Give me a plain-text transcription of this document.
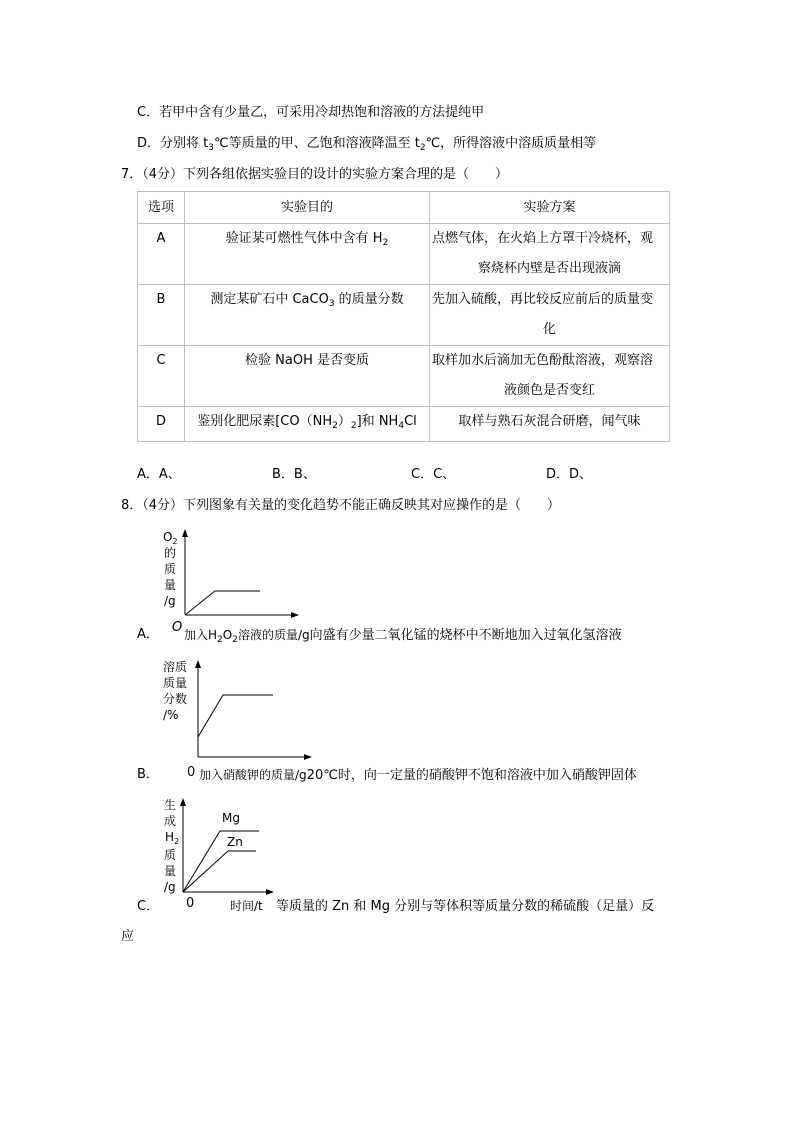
C．若甲中含有少量乙，可采用冷却热饱和溶液的方法提纯甲
D．分别将 $t_3℃$等质量的甲、乙饱和溶液降温至 $t_2℃$，所得溶液中溶质质量相等
7．（4分）下列各组依据实验目的设计的实验方案合理的是（　　）
选项	实验目的	实验方案
A	验证某可燃性气体中含有 $H_2$	点燃气体，在火焰上方罩干冷烧杯，观
察烧杯内壁是否出现液滴

B	测定某矿石中 CaCO$_3$ 的质量分数	先加入硫酸，再比较反应前后的质量变
化

C	检验 NaOH 是否变质	取样加水后滴加无色酚酞溶液，观察溶
液颜色是否变红

D	鉴别化肥尿素$[CO(NH_2)_2]$和 $NH_4Cl$	取样与熟石灰混合研磨，闻气味
A．A、	B．B、	C．C、	D．D、
8．（4分）下列图象有关量的变化趋势不能正确反映其对应操作的是（　　）
$O_2$
的
质
量
/g
O
A． 加入$H_2O_2$溶液的质量/g向盛有少量二氧化锰的烧杯中不断地加入过氧化氢溶液
溶质
质量
分数
/%
B． 0 加入硝酸钾的质量/g20℃时，向一定量的硝酸钾不饱和溶液中加入硝酸钾固体
生
成
$H_2$
质
量
/g
Mg
Zn
C． 0	时间/t 等质量的 Zn 和 Mg 分别与等体积等质量分数的稀硫酸（足量）反
应
